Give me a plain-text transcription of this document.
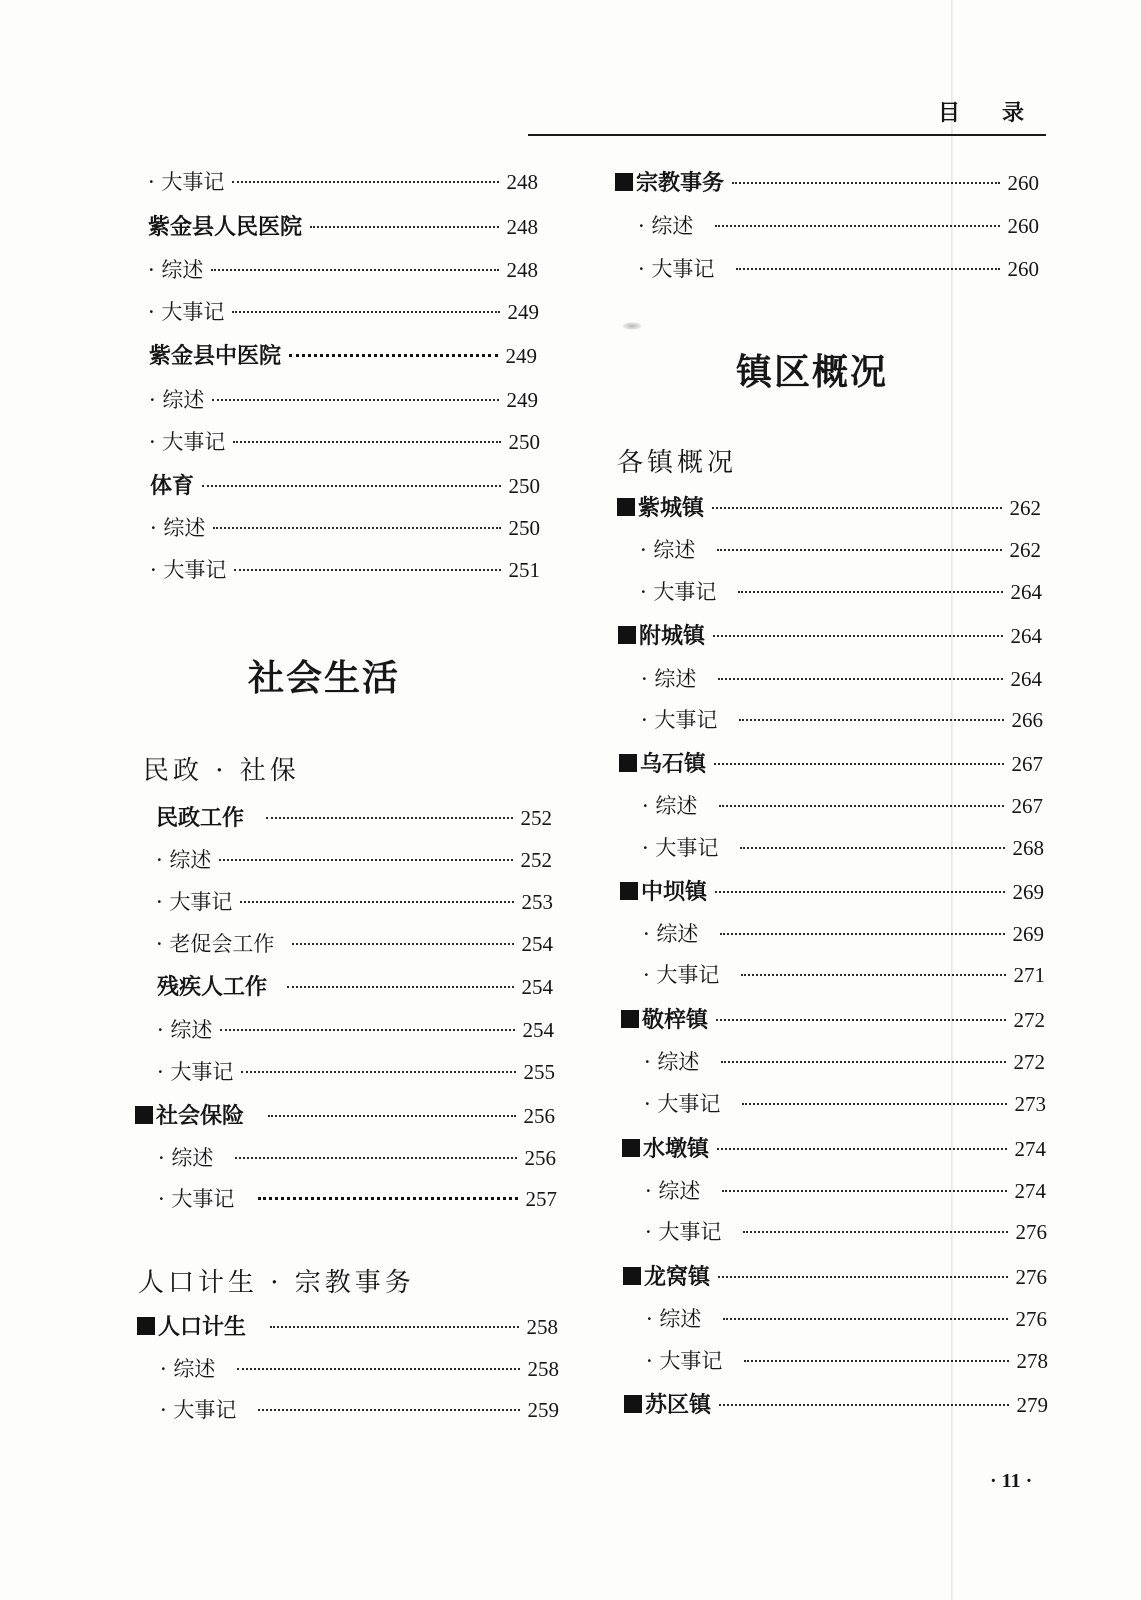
目 录
· 大事记	248
紫金县人民医院	248
· 综述	248
· 大事记	249
紫金县中医院	249
· 综述	249
· 大事记	250
体育	250
· 综述	250
· 大事记	251
社会生活
民政 · 社保
民政工作	252
· 综述	252
· 大事记	253
· 老促会工作	254
残疾人工作	254
· 综述	254
· 大事记	255
社会保险	256
· 综述	256
· 大事记	257
人口计生 · 宗教事务
人口计生	258
· 综述	258
· 大事记	259
宗教事务	260
· 综述	260
· 大事记	260
镇区概况
各镇概况
紫城镇	262
· 综述	262
· 大事记	264
附城镇	264
· 综述	264
· 大事记	266
乌石镇	267
· 综述	267
· 大事记	268
中坝镇	269
· 综述	269
· 大事记	271
敬梓镇	272
· 综述	272
· 大事记	273
水墩镇	274
· 综述	274
· 大事记	276
龙窝镇	276
· 综述	276
· 大事记	278
苏区镇	279
· 11 ·
